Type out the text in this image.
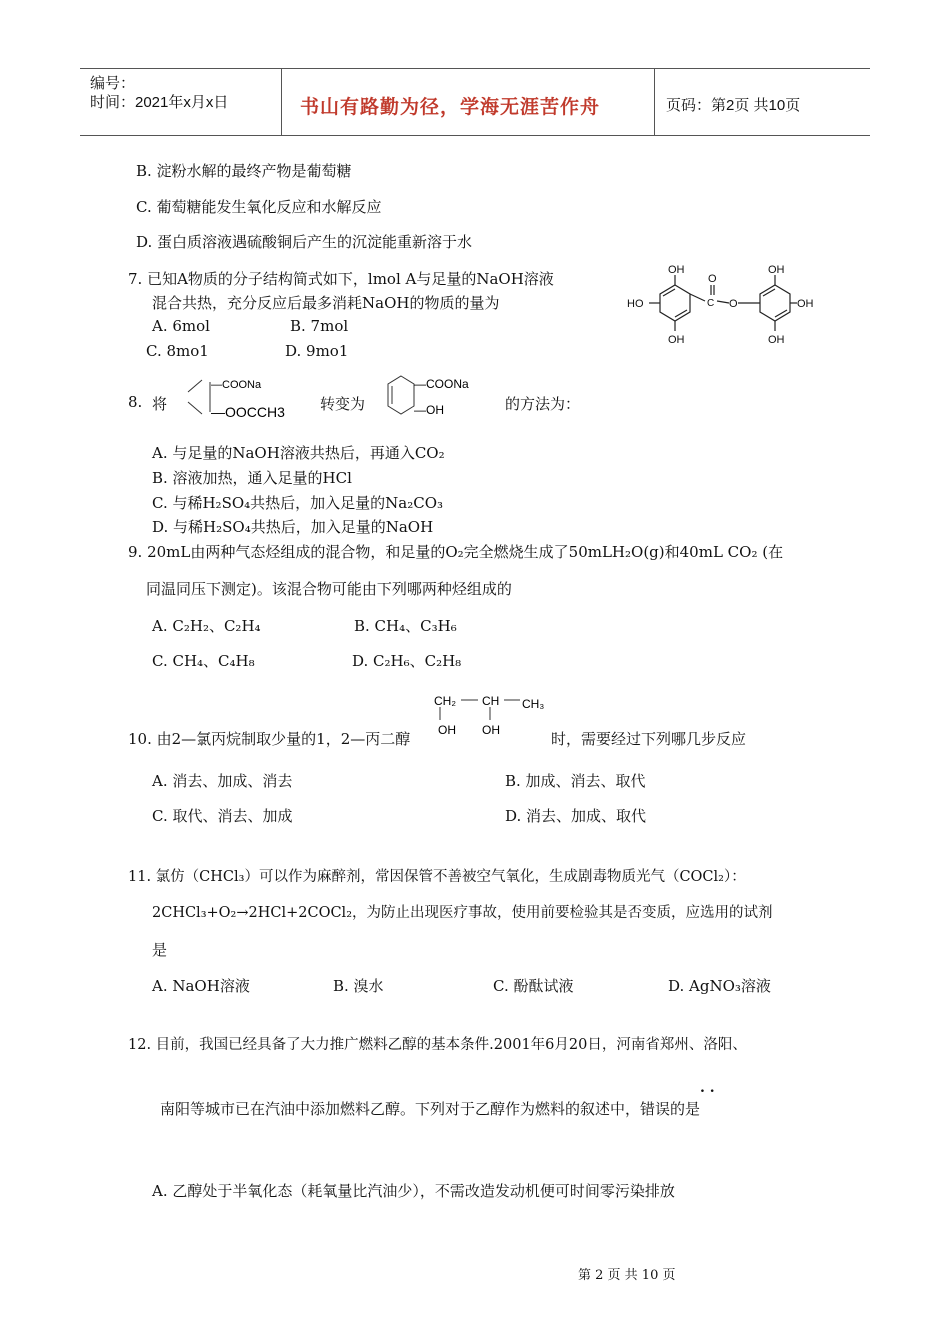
编号：
时间：2021年x月x日	书山有路勤为径，学海无涯苦作舟	页码：第2页 共10页
B. 淀粉水解的最终产物是葡萄糖
C. 葡萄糖能发生氧化反应和水解反应
D. 蛋白质溶液遇硫酸铜后产生的沉淀能重新溶于水
7. 已知A物质的分子结构简式如下，lmol A与足量的NaOH溶液
混合共热，充分反应后最多消耗NaOH的物质的量为
A. 6mol	B. 7mol
C. 8mo1	D. 9mo1
OH
HO
OH
C
O
O
OH
OH
OH
8. 将
—COONa
—OOCCH3 转变为
—COONa
—OH	的方法为：
A. 与足量的NaOH溶液共热后，再通入CO₂
B. 溶液加热，通入足量的HCl
C. 与稀H₂SO₄共热后，加入足量的Na₂CO₃
D. 与稀H₂SO₄共热后，加入足量的NaOH
9. 20mL由两种气态烃组成的混合物，和足量的O₂完全燃烧生成了50mLH₂O(g)和40mL CO₂ (在
同温同压下测定)。该混合物可能由下列哪两种烃组成的
A. C₂H₂、C₂H₄	B. CH₄、C₃H₆
C. CH₄、C₄H₈	D. C₂H₆、C₂H₈
CH₂ CH CH₃
OH OH
10. 由2—氯丙烷制取少量的1，2—丙二醇	时，需要经过下列哪几步反应
A. 消去、加成、消去	B. 加成、消去、取代
C. 取代、消去、加成	D. 消去、加成、取代
11. 氯仿（CHCl₃）可以作为麻醉剂，常因保管不善被空气氧化，生成剧毒物质光气（COCl₂）：
2CHCl₃+O₂→2HCl+2COCl₂，为防止出现医疗事故，使用前要检验其是否变质，应选用的试剂
是
A. NaOH溶液	B. 溴水	C. 酚酞试液	D. AgNO₃溶液
12. 目前，我国已经具备了大力推广燃料乙醇的基本条件.2001年6月20日，河南省郑州、洛阳、
. .
南阳等城市已在汽油中添加燃料乙醇。下列对于乙醇作为燃料的叙述中，错误的是
A. 乙醇处于半氧化态（耗氧量比汽油少），不需改造发动机便可时间零污染排放
第 2 页 共 10 页
